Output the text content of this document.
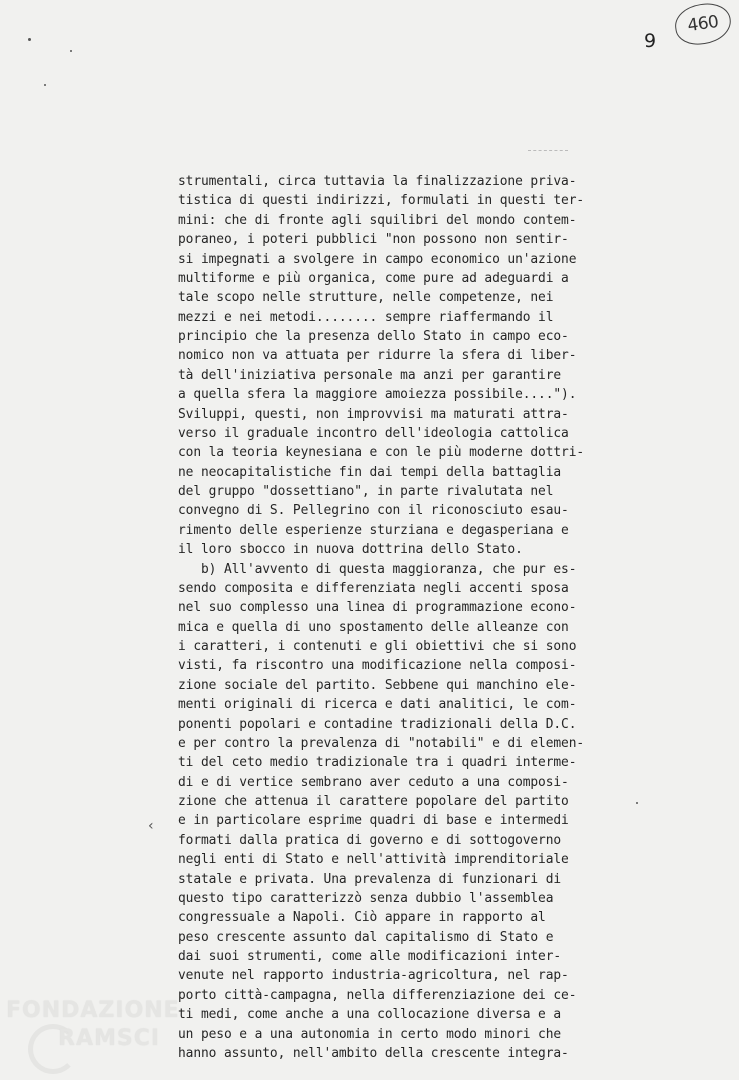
460
9
strumentali, circa tuttavia la finalizzazione priva-
tistica di questi indirizzi, formulati in questi ter-
mini: che di fronte agli squilibri del mondo contem-
poraneo, i poteri pubblici "non possono non sentir-
si impegnati a svolgere in campo economico un'azione
multiforme e più organica, come pure ad adeguardi a
tale scopo nelle strutture, nelle competenze, nei
mezzi e nei metodi........ sempre riaffermando il
principio che la presenza dello Stato in campo eco-
nomico non va attuata per ridurre la sfera di liber-
tà dell'iniziativa personale ma anzi per garantire
a quella sfera la maggiore amoiezza possibile....").
Sviluppi, questi, non improvvisi ma maturati attra-
verso il graduale incontro dell'ideologia cattolica
con la teoria keynesiana e con le più moderne dottri-
ne neocapitalistiche fin dai tempi della battaglia
del gruppo "dossettiano", in parte rivalutata nel
convegno di S. Pellegrino con il riconosciuto esau-
rimento delle esperienze sturziana e degasperiana e
il loro sbocco in nuova dottrina dello Stato.
b) All'avvento di questa maggioranza, che pur es-
sendo composita e differenziata negli accenti sposa
nel suo complesso una linea di programmazione econo-
mica e quella di uno spostamento delle alleanze con
i caratteri, i contenuti e gli obiettivi che si sono
visti, fa riscontro una modificazione nella composi-
zione sociale del partito. Sebbene qui manchino ele-
menti originali di ricerca e dati analitici, le com-
ponenti popolari e contadine tradizionali della D.C.
e per contro la prevalenza di "notabili" e di elemen-
ti del ceto medio tradizionale tra i quadri interme-
di e di vertice sembrano aver ceduto a una composi-
zione che attenua il carattere popolare del partito
e in particolare esprime quadri di base e intermedi
formati dalla pratica di governo e di sottogoverno
negli enti di Stato e nell'attività imprenditoriale
statale e privata. Una prevalenza di funzionari di
questo tipo caratterizzò senza dubbio l'assemblea
congressuale a Napoli. Ciò appare in rapporto al
peso crescente assunto dal capitalismo di Stato e
dai suoi strumenti, come alle modificazioni inter-
venute nel rapporto industria-agricoltura, nel rap-
porto città-campagna, nella differenziazione dei ce-
ti medi, come anche a una collocazione diversa e a
un peso e a una autonomia in certo modo minori che
hanno assunto, nell'ambito della crescente integra-
‹
FONDAZIONE
RAMSCI
